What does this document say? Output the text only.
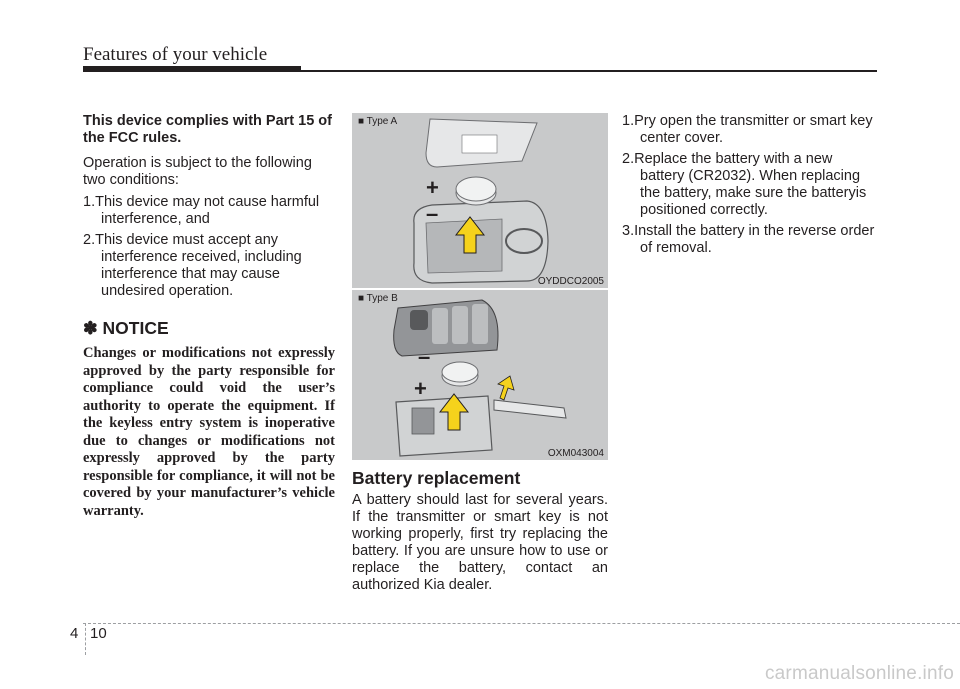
Features of your vehicle

This device complies with Part 15 of the FCC rules.

Operation is subject to the following two conditions:

1.This device may not cause harmful interference, and
2.This device must accept any interference received, including interference that may cause undesired operation.
✽ NOTICE

Changes or modifications not expressly approved by the party responsible for compliance could void the user’s authority to operate the equipment. If the keyless entry system is inoperative due to changes or modifications not expressly approved by the party responsible for compliance, it will not be covered by your manufacturer’s vehicle warranty.

■ Type A
+
–
OYDDCO2005
■ Type B
+
–
OXM043004
Battery replacement

A battery should last for several years. If the transmitter or smart key is not working properly, first try replacing the battery. If you are unsure how to use or replace the battery, contact an authorized Kia dealer.

1.Pry open the transmitter or smart key center cover.
2.Replace the battery with a new battery (CR2032). When replacing the battery, make sure the batteryis positioned correctly.
3.Install the battery in the reverse order of removal.
4 10
carmanualsonline.info
